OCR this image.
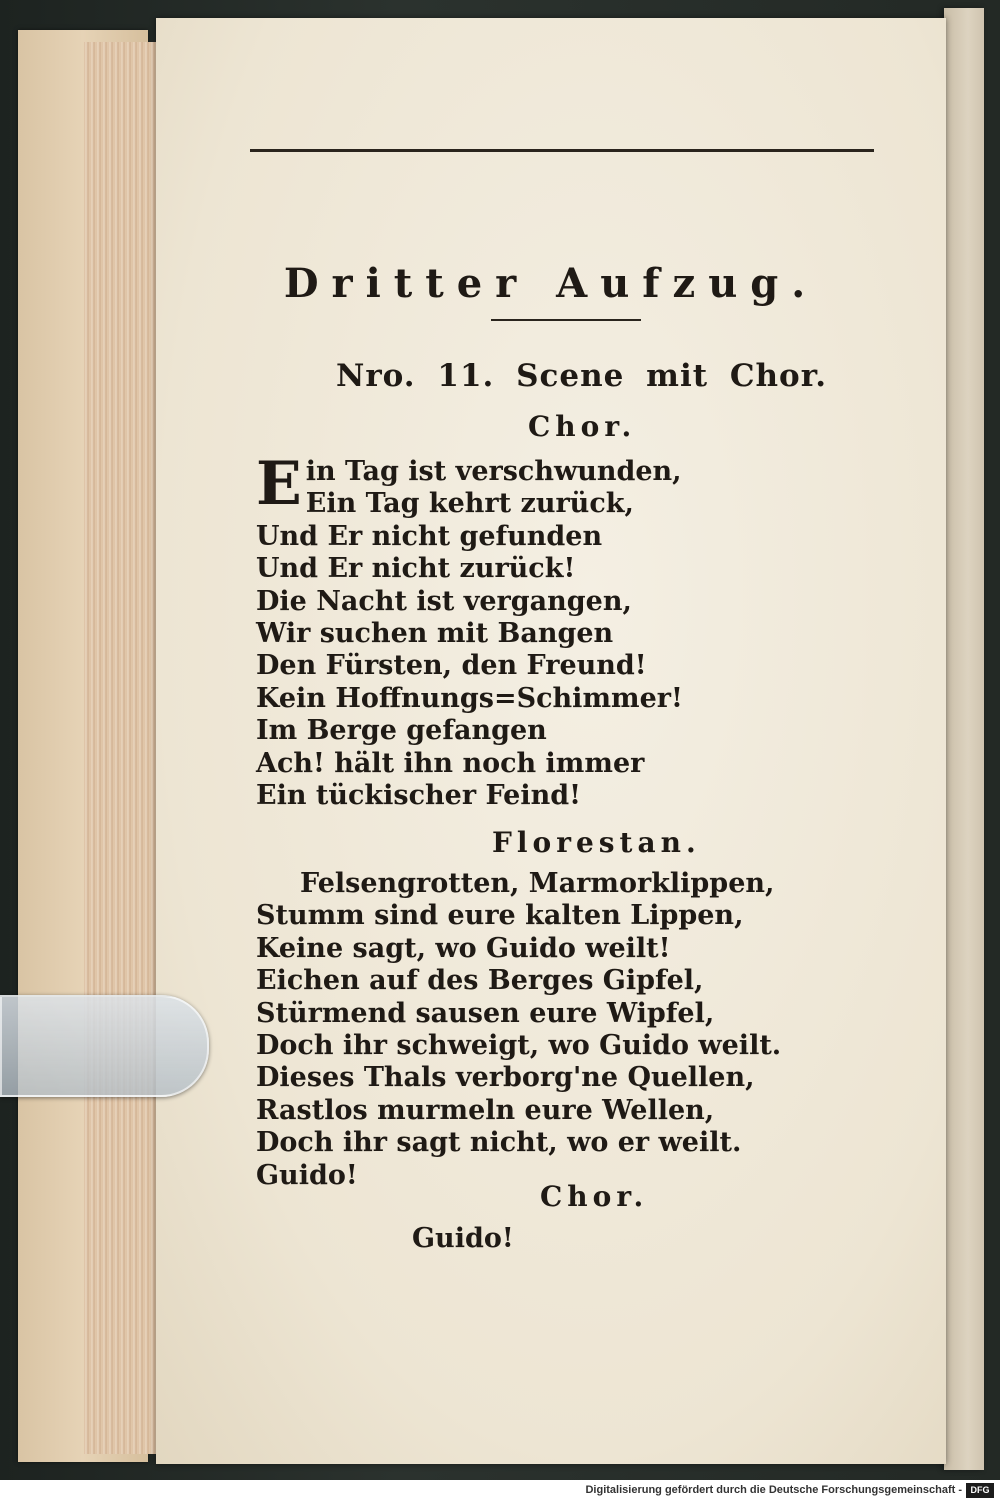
Dritter Aufzug.
Nro. 11. Scene mit Chor.
Chor.
Ein Tag ist verschwunden,
Ein Tag kehrt zurück,
Und Er nicht gefunden
Und Er nicht zurück!
Die Nacht ist vergangen,
Wir suchen mit Bangen
Den Fürsten, den Freund!
Kein Hoffnungs=Schimmer!
Im Berge gefangen
Ach! hält ihn noch immer
Ein tückischer Feind!
Florestan.
Felsengrotten, Marmorklippen,
Stumm sind eure kalten Lippen,
Keine sagt, wo Guido weilt!
Eichen auf des Berges Gipfel,
Stürmend sausen eure Wipfel,
Doch ihr schweigt, wo Guido weilt.
Dieses Thals verborg'ne Quellen,
Rastlos murmeln eure Wellen,
Doch ihr sagt nicht, wo er weilt.
Guido!
Chor.
Guido!
Digitalisierung gefördert durch die Deutsche Forschungsgemeinschaft - DFG
